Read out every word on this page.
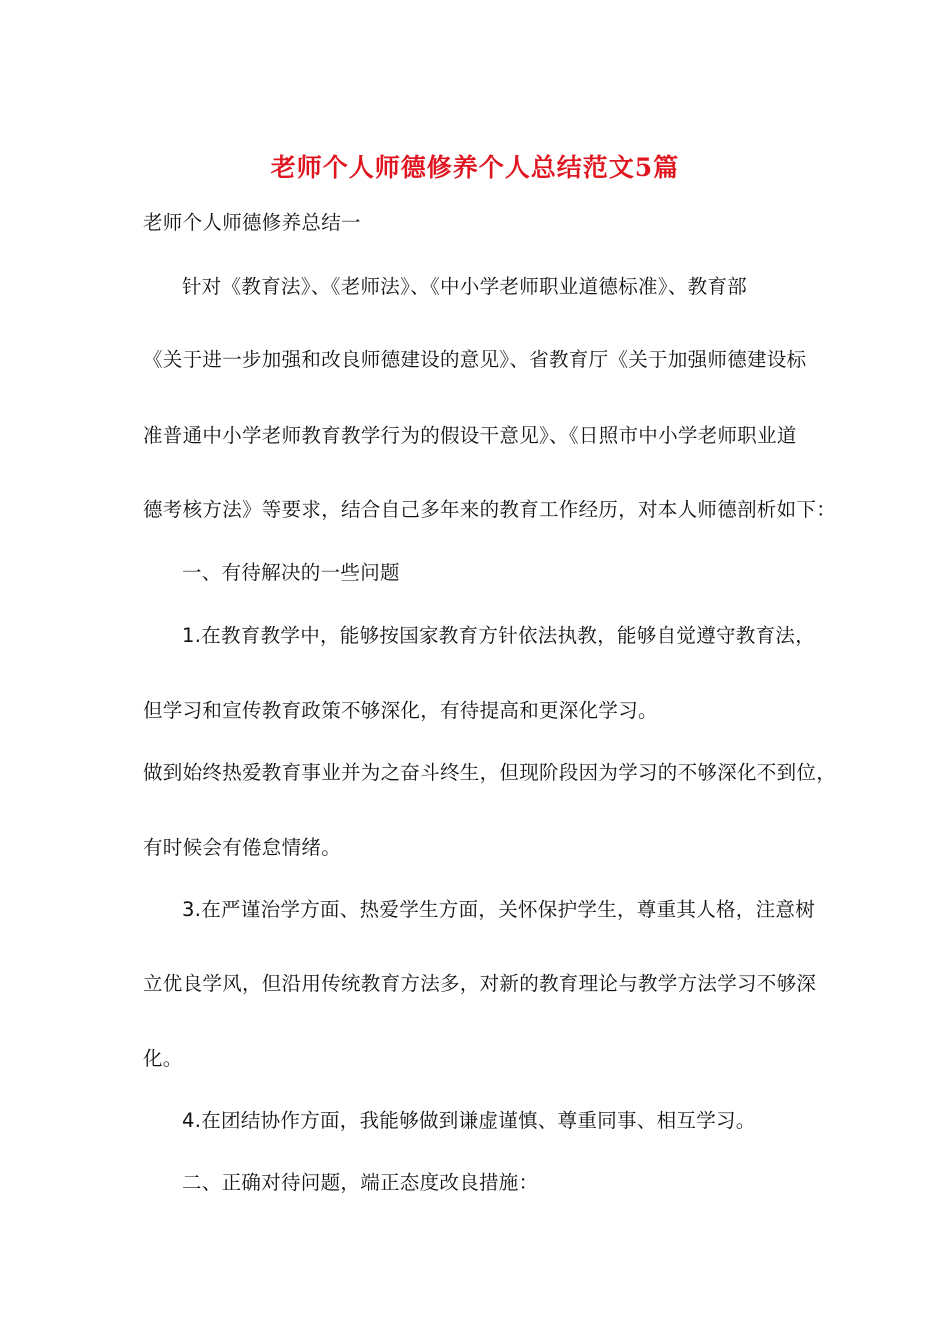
老师个人师德修养个人总结范文5篇
老师个人师德修养总结一
针对《教育法》、《老师法》、《中小学老师职业道德标准》、教育部
《关于进一步加强和改良师德建设的意见》、省教育厅《关于加强师德建设标
准普通中小学老师教育教学行为的假设干意见》、《日照市中小学老师职业道
德考核方法》等要求，结合自己多年来的教育工作经历，对本人师德剖析如下：
一、有待解决的一些问题
1.在教育教学中，能够按国家教育方针依法执教，能够自觉遵守教育法，
但学习和宣传教育政策不够深化，有待提高和更深化学习。
做到始终热爱教育事业并为之奋斗终生，但现阶段因为学习的不够深化不到位，
有时候会有倦怠情绪。
3.在严谨治学方面、热爱学生方面，关怀保护学生，尊重其人格，注意树
立优良学风，但沿用传统教育方法多，对新的教育理论与教学方法学习不够深
化。
4.在团结协作方面，我能够做到谦虚谨慎、尊重同事、相互学习。
二、正确对待问题，端正态度改良措施：
